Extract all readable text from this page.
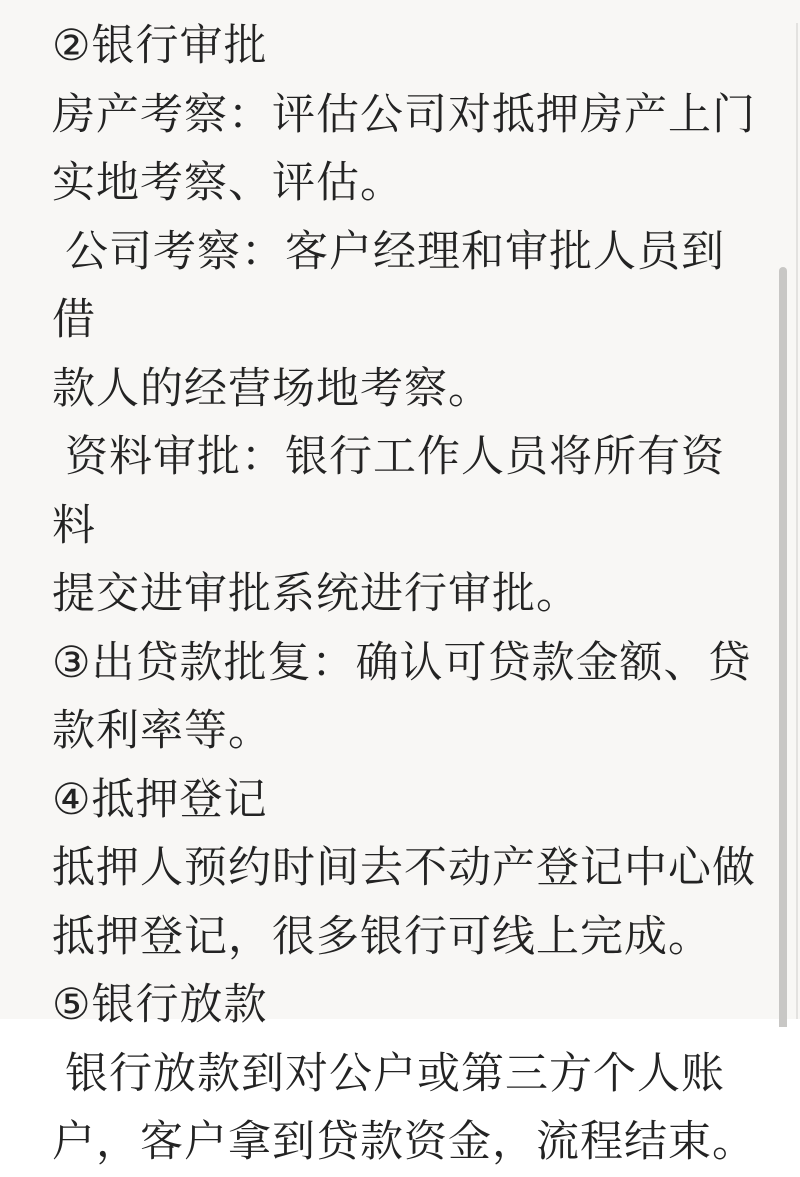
②银行审批
房产考察：评估公司对抵押房产上门
实地考察、评估。
公司考察：客户经理和审批人员到借
款人的经营场地考察。
资料审批：银行工作人员将所有资料
提交进审批系统进行审批。
③出贷款批复：确认可贷款金额、贷
款利率等。
④抵押登记
抵押人预约时间去不动产登记中心做
抵押登记，很多银行可线上完成。
⑤银行放款
银行放款到对公户或第三方个人账
户，客户拿到贷款资金，流程结束。
